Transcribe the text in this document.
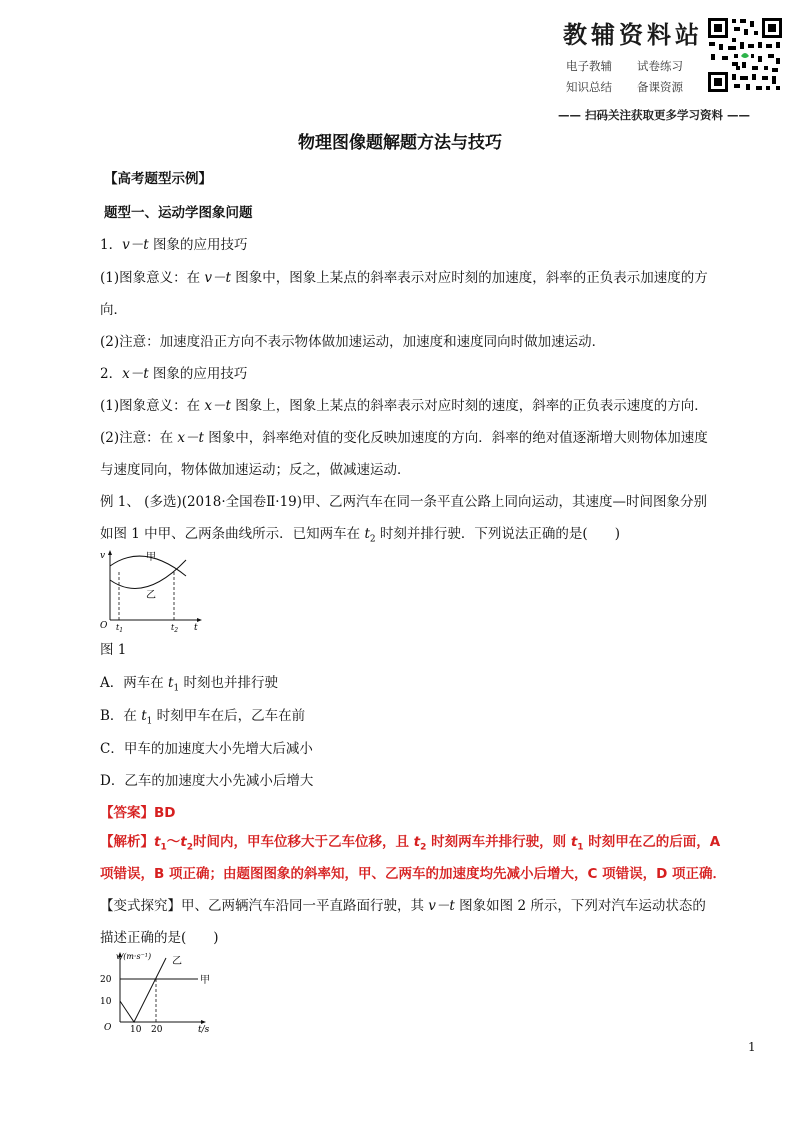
教辅资料站
电子教辅 试卷练习
知识总结 备课资源
—— 扫码关注获取更多学习资料 ——
物理图像题解题方法与技巧
【高考题型示例】
题型一、运动学图象问题
1．v－t 图象的应用技巧
(1)图象意义：在 v－t 图象中，图象上某点的斜率表示对应时刻的加速度，斜率的正负表示加速度的方
向．
(2)注意：加速度沿正方向不表示物体做加速运动，加速度和速度同向时做加速运动．
2．x－t 图象的应用技巧
(1)图象意义：在 x－t 图象上，图象上某点的斜率表示对应时刻的速度，斜率的正负表示速度的方向．
(2)注意：在 x－t 图象中，斜率绝对值的变化反映加速度的方向．斜率的绝对值逐渐增大则物体加速度
与速度同向，物体做加速运动；反之，做减速运动．
例 1、 (多选)(2018·全国卷Ⅱ·19)甲、乙两汽车在同一条平直公路上同向运动，其速度—时间图象分别
如图 1 中甲、乙两条曲线所示．已知两车在 $t_2$ 时刻并排行驶．下列说法正确的是(　　)
v
O	t
$t_1$	$t_2$
甲
乙
图 1
A．两车在 $t_1$ 时刻也并排行驶
B．在 $t_1$ 时刻甲车在后，乙车在前
C．甲车的加速度大小先增大后减小
D．乙车的加速度大小先减小后增大
【答案】BD
【解析】$t_1\sim t_2$时间内，甲车位移大于乙车位移，且 $t_2$ 时刻两车并排行驶，则 $t_1$ 时刻甲在乙的后面，A
项错误，B 项正确；由题图图象的斜率知，甲、乙两车的加速度均先减小后增大，C 项错误，D 项正确．
【变式探究】甲、乙两辆汽车沿同一平直路面行驶，其 v－t 图象如图 2 所示，下列对汽车运动状态的
描述正确的是(　　)
v/(m·s⁻¹)
20
10
O 10 20	t/s
甲
乙
1
